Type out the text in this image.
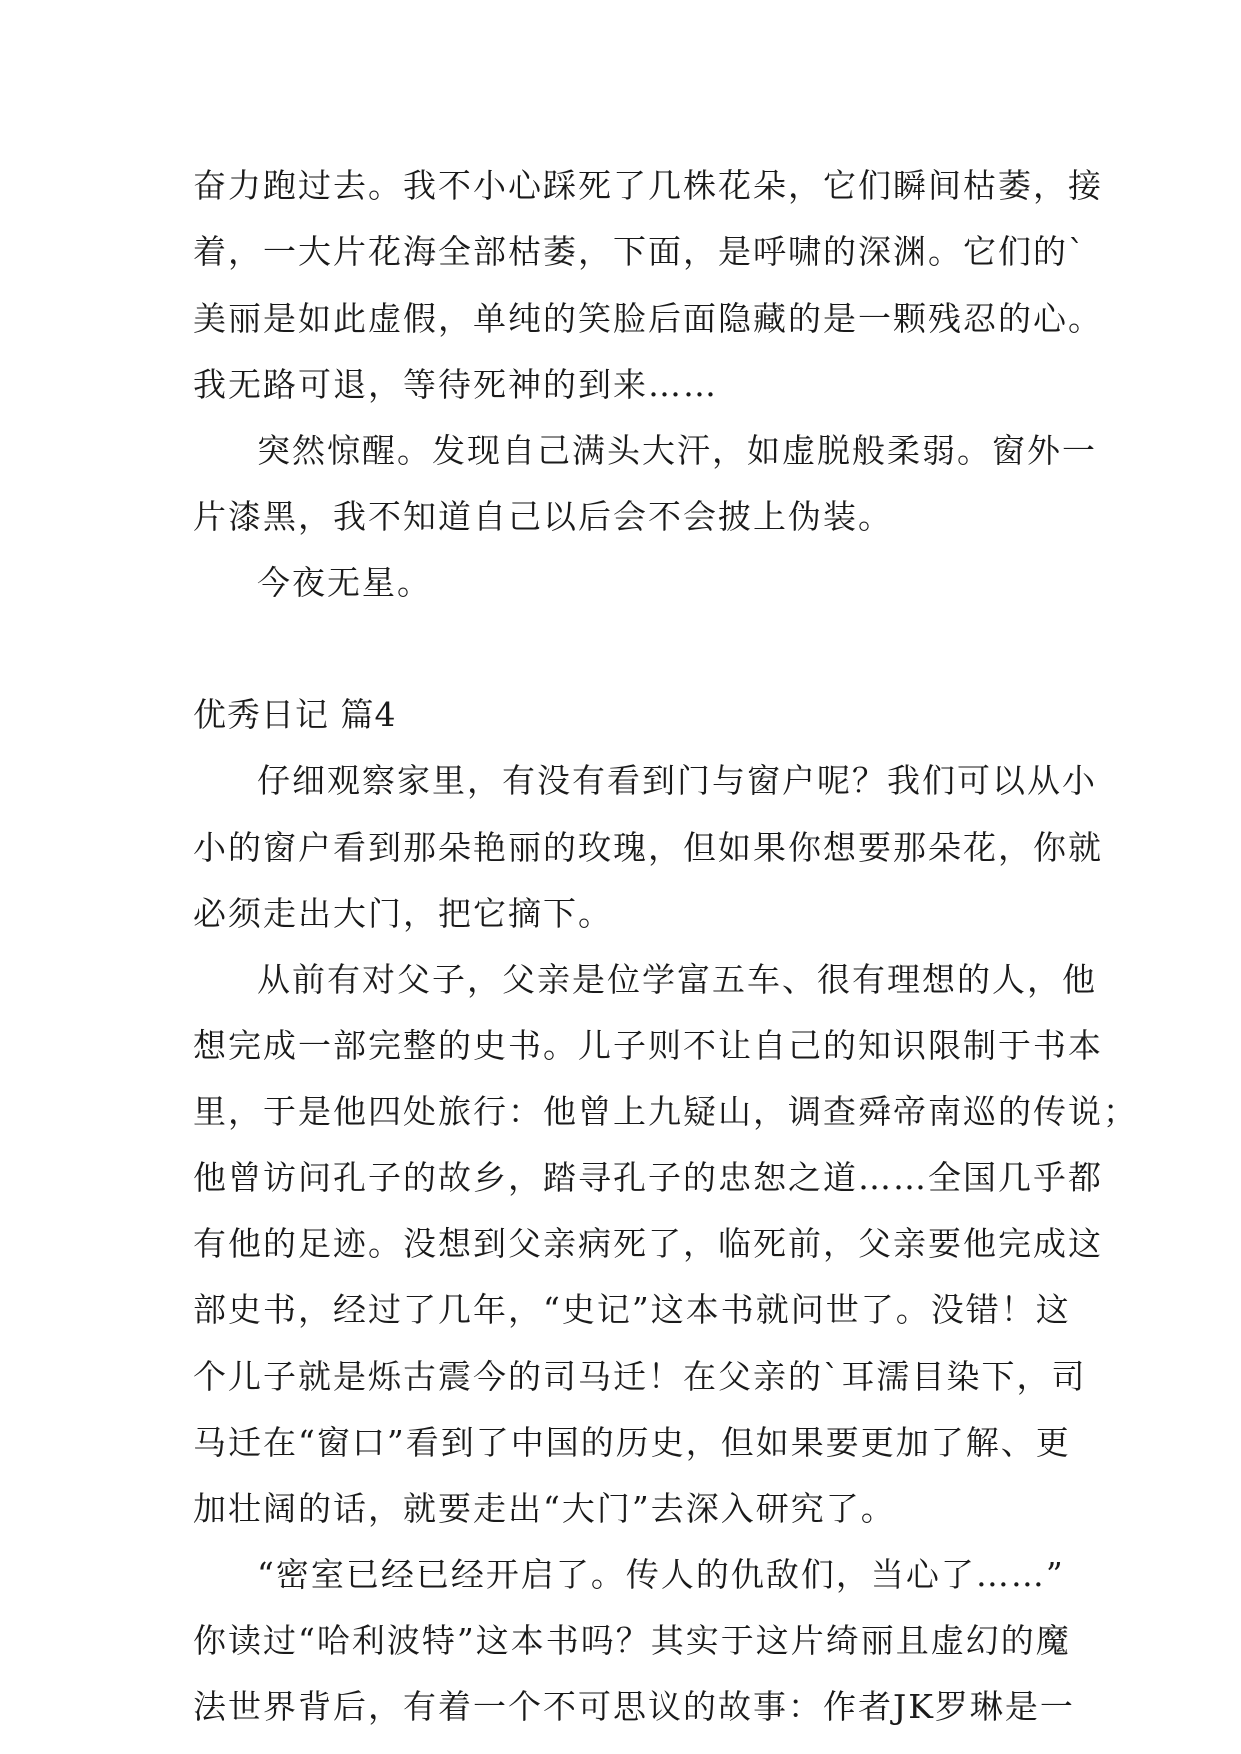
奋力跑过去。我不小心踩死了几株花朵，它们瞬间枯萎，接
着，一大片花海全部枯萎，下面，是呼啸的深渊。它们的`
美丽是如此虚假，单纯的笑脸后面隐藏的是一颗残忍的心。
我无路可退，等待死神的到来……
突然惊醒。发现自己满头大汗，如虚脱般柔弱。窗外一
片漆黑，我不知道自己以后会不会披上伪装。
今夜无星。
优秀日记 篇4
仔细观察家里，有没有看到门与窗户呢？我们可以从小
小的窗户看到那朵艳丽的玫瑰，但如果你想要那朵花，你就
必须走出大门，把它摘下。
从前有对父子，父亲是位学富五车、很有理想的人，他
想完成一部完整的史书。儿子则不让自己的知识限制于书本
里，于是他四处旅行：他曾上九疑山，调查舜帝南巡的传说；
他曾访问孔子的故乡，踏寻孔子的忠恕之道……全国几乎都
有他的足迹。没想到父亲病死了，临死前，父亲要他完成这
部史书，经过了几年，“史记”这本书就问世了。没错！这
个儿子就是烁古震今的司马迁！在父亲的`耳濡目染下，司
马迁在“窗口”看到了中国的历史，但如果要更加了解、更
加壮阔的话，就要走出“大门”去深入研究了。
“密室已经已经开启了。传人的仇敌们，当心了……”
你读过“哈利波特”这本书吗？其实于这片绮丽且虚幻的魔
法世界背后，有着一个不可思议的故事：作者JK罗琳是一
